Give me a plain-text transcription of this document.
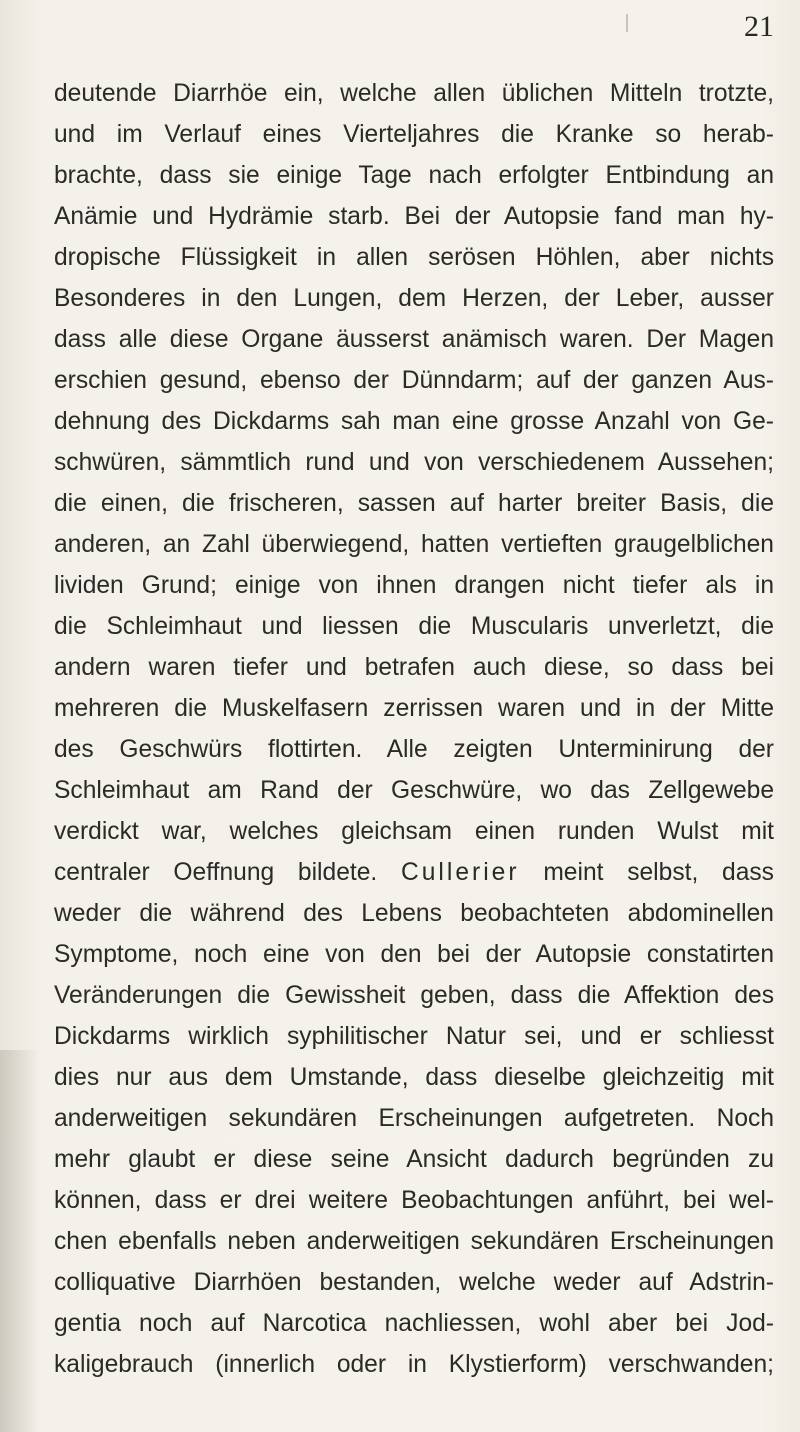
21
deutende Diarrhöe ein, welche allen üblichen Mitteln trotzte,
und im Verlauf eines Vierteljahres die Kranke so herab-
brachte, dass sie einige Tage nach erfolgter Entbindung an
Anämie und Hydrämie starb. Bei der Autopsie fand man hy-
dropische Flüssigkeit in allen serösen Höhlen, aber nichts
Besonderes in den Lungen, dem Herzen, der Leber, ausser
dass alle diese Organe äusserst anämisch waren. Der Magen
erschien gesund, ebenso der Dünndarm; auf der ganzen Aus-
dehnung des Dickdarms sah man eine grosse Anzahl von Ge-
schwüren, sämmtlich rund und von verschiedenem Aussehen;
die einen, die frischeren, sassen auf harter breiter Basis, die
anderen, an Zahl überwiegend, hatten vertieften graugelblichen
lividen Grund; einige von ihnen drangen nicht tiefer als in
die Schleimhaut und liessen die Muscularis unverletzt, die
andern waren tiefer und betrafen auch diese, so dass bei
mehreren die Muskelfasern zerrissen waren und in der Mitte
des Geschwürs flottirten. Alle zeigten Unterminirung der
Schleimhaut am Rand der Geschwüre, wo das Zellgewebe
verdickt war, welches gleichsam einen runden Wulst mit
centraler Oeffnung bildete. Cullerier meint selbst, dass
weder die während des Lebens beobachteten abdominellen
Symptome, noch eine von den bei der Autopsie constatirten
Veränderungen die Gewissheit geben, dass die Affektion des
Dickdarms wirklich syphilitischer Natur sei, und er schliesst
dies nur aus dem Umstande, dass dieselbe gleichzeitig mit
anderweitigen sekundären Erscheinungen aufgetreten. Noch
mehr glaubt er diese seine Ansicht dadurch begründen zu
können, dass er drei weitere Beobachtungen anführt, bei wel-
chen ebenfalls neben anderweitigen sekundären Erscheinungen
colliquative Diarrhöen bestanden, welche weder auf Adstrin-
gentia noch auf Narcotica nachliessen, wohl aber bei Jod-
kaligebrauch (innerlich oder in Klystierform) verschwanden;
